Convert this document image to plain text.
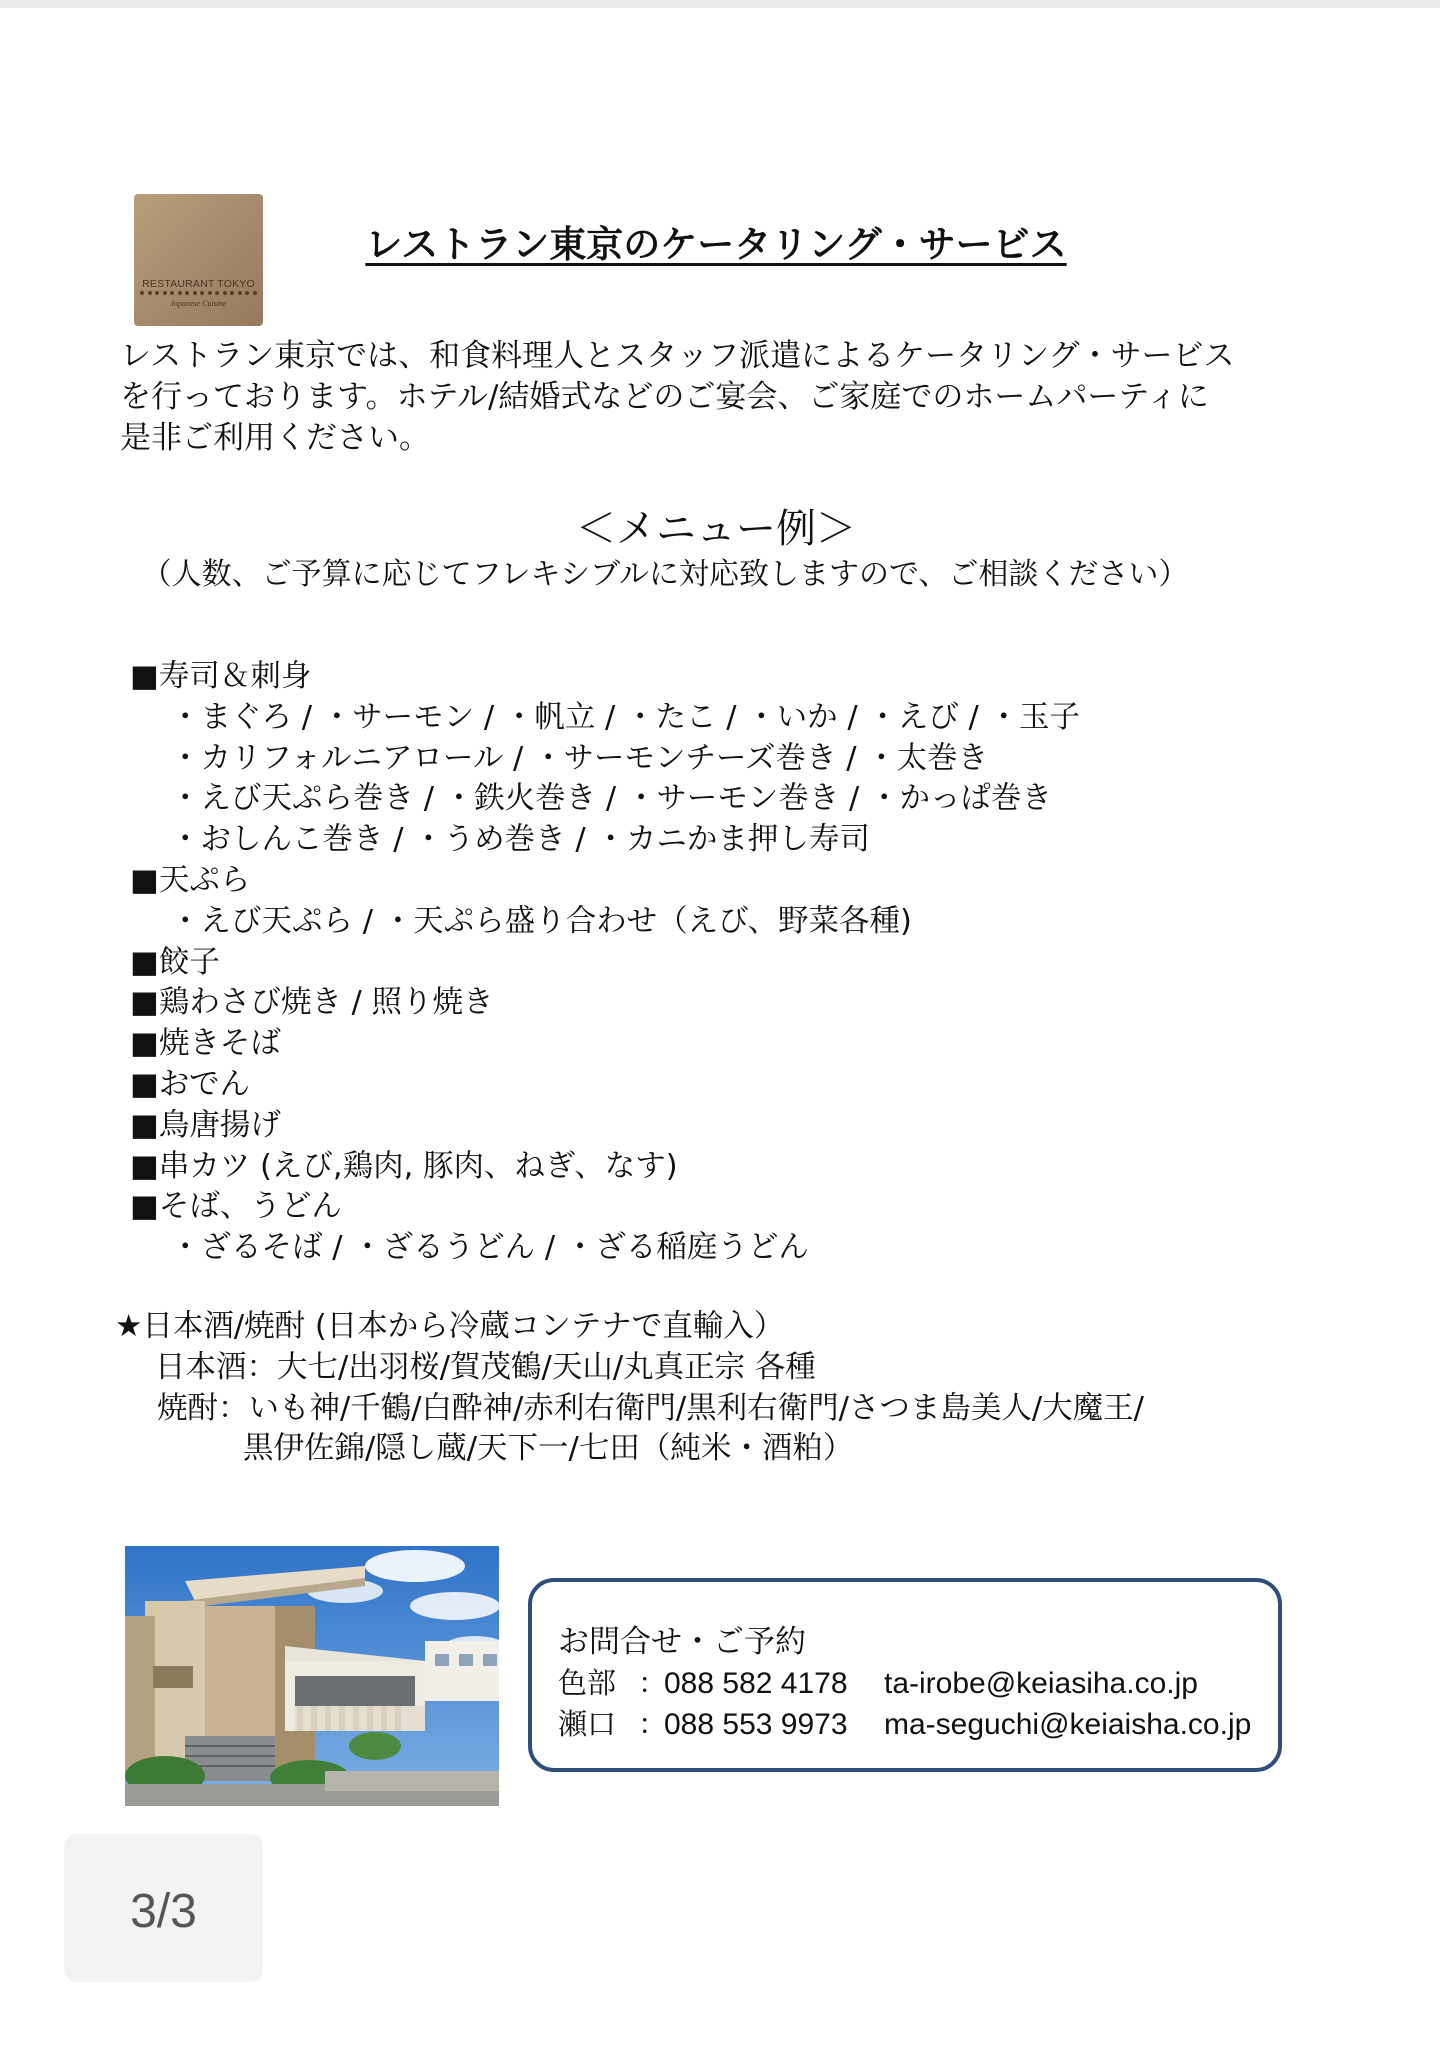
RESTAURANT TOKYO
Japanese Cuisine
レストラン東京のケータリング・サービス
レストラン東京では、和食料理人とスタッフ派遣によるケータリング・サービス
を行っております。ホテル/結婚式などのご宴会、ご家庭でのホームパーティに
是非ご利用ください。
＜メニュー例＞
（人数、ご予算に応じてフレキシブルに対応致しますので、ご相談ください）
■寿司＆刺身
・まぐろ / ・サーモン / ・帆立 / ・たこ / ・いか / ・えび / ・玉子
・カリフォルニアロール / ・サーモンチーズ巻き / ・太巻き
・えび天ぷら巻き / ・鉄火巻き / ・サーモン巻き / ・かっぱ巻き
・おしんこ巻き / ・うめ巻き / ・カニかま押し寿司
■天ぷら
・えび天ぷら / ・天ぷら盛り合わせ（えび、野菜各種)
■餃子
■鶏わさび焼き / 照り焼き
■焼きそば
■おでん
■鳥唐揚げ
■串カツ (えび,鶏肉, 豚肉、ねぎ、なす)
■そば、うどん
・ざるそば / ・ざるうどん / ・ざる稲庭うどん
★日本酒/焼酎 (日本から冷蔵コンテナで直輸入）
日本酒：大七/出羽桜/賀茂鶴/天山/丸真正宗 各種
焼酎：いも神/千鶴/白酔神/赤利右衛門/黒利右衛門/さつま島美人/大魔王/
黒伊佐錦/隠し蔵/天下一/七田（純米・酒粕）
お問合せ・ご予約
色部 ：088 582 4178 ta-irobe@keiasiha.co.jp
瀬口 ：088 553 9973 ma-seguchi@keiaisha.co.jp
3/3
